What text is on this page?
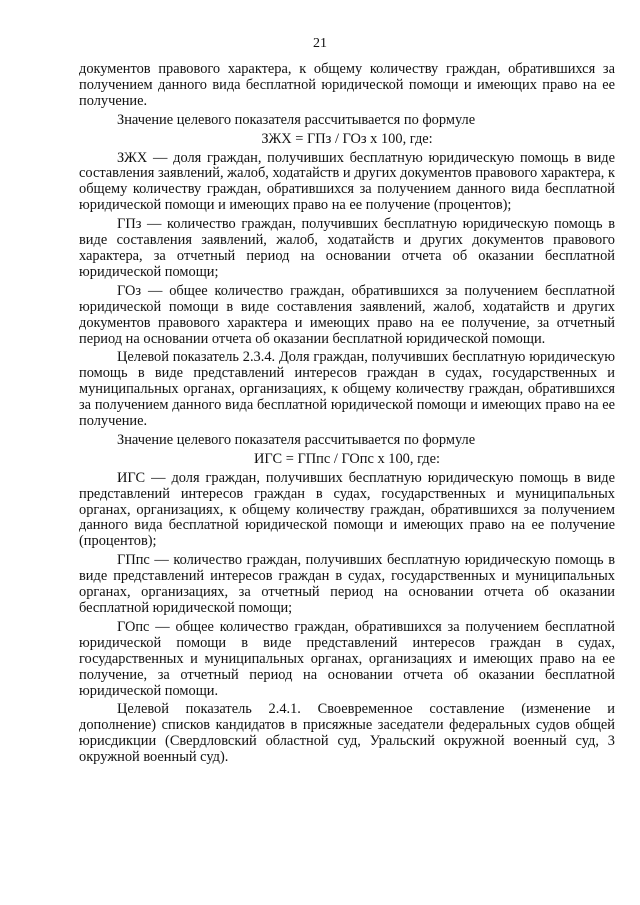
21

документов правового характера, к общему количеству граждан, обратившихся за получением данного вида бесплатной юридической помощи и имеющих право на ее получение.

Значение целевого показателя рассчитывается по формуле

ЗЖХ = ГПз / ГОз х 100, где:

ЗЖХ — доля граждан, получивших бесплатную юридическую помощь в виде составления заявлений, жалоб, ходатайств и других документов правового характера, к общему количеству граждан, обратившихся за получением данного вида бесплатной юридической помощи и имеющих право на ее получение (процентов);

ГПз — количество граждан, получивших бесплатную юридическую помощь в виде составления заявлений, жалоб, ходатайств и других документов правового характера, за отчетный период на основании отчета об оказании бесплатной юридической помощи;

ГОз — общее количество граждан, обратившихся за получением бесплатной юридической помощи в виде составления заявлений, жалоб, ходатайств и других документов правового характера и имеющих право на ее получение, за отчетный период на основании отчета об оказании бесплатной юридической помощи.

Целевой показатель 2.3.4. Доля граждан, получивших бесплатную юридическую помощь в виде представлений интересов граждан в судах, государственных и муниципальных органах, организациях, к общему количеству граждан, обратившихся за получением данного вида бесплатной юридической помощи и имеющих право на ее получение.

Значение целевого показателя рассчитывается по формуле

ИГС = ГПпс / ГОпс х 100, где:

ИГС — доля граждан, получивших бесплатную юридическую помощь в виде представлений интересов граждан в судах, государственных и муниципальных органах, организациях, к общему количеству граждан, обратившихся за получением данного вида бесплатной юридической помощи и имеющих право на ее получение (процентов);

ГПпс — количество граждан, получивших бесплатную юридическую помощь в виде представлений интересов граждан в судах, государственных и муниципальных органах, организациях, за отчетный период на основании отчета об оказании бесплатной юридической помощи;

ГОпс — общее количество граждан, обратившихся за получением бесплатной юридической помощи в виде представлений интересов граждан в судах, государственных и муниципальных органах, организациях и имеющих право на ее получение, за отчетный период на основании отчета об оказании бесплатной юридической помощи.

Целевой показатель 2.4.1. Своевременное составление (изменение и дополнение) списков кандидатов в присяжные заседатели федеральных судов общей юрисдикции (Свердловский областной суд, Уральский окружной военный суд, 3 окружной военный суд).
